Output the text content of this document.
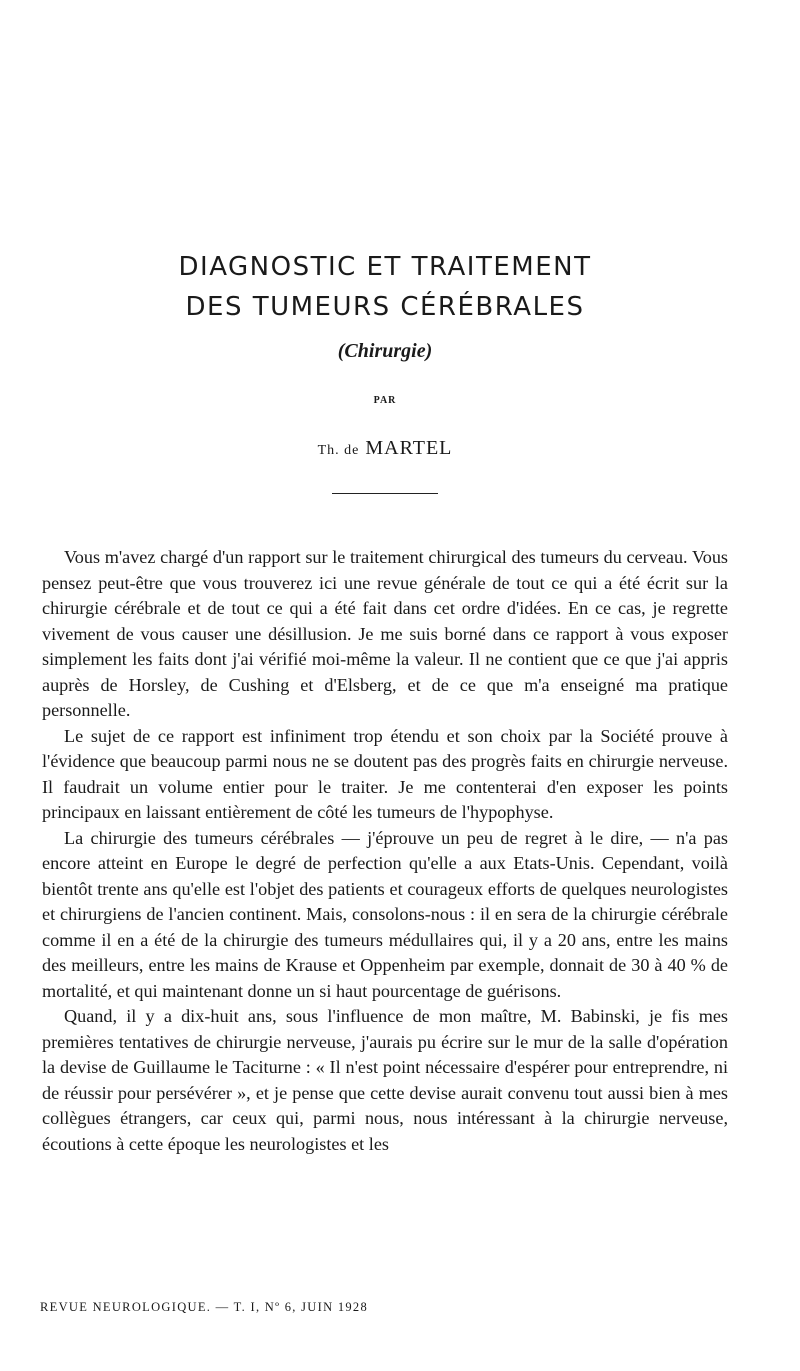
DIAGNOSTIC ET TRAITEMENT
DES TUMEURS CÉRÉBRALES
(Chirurgie)
PAR
Th. de MARTEL

Vous m'avez chargé d'un rapport sur le traitement chirurgical des tumeurs du cerveau. Vous pensez peut-être que vous trouverez ici une revue générale de tout ce qui a été écrit sur la chirurgie cérébrale et de tout ce qui a été fait dans cet ordre d'idées. En ce cas, je regrette vivement de vous causer une désillusion. Je me suis borné dans ce rapport à vous exposer simplement les faits dont j'ai vérifié moi-même la valeur. Il ne contient que ce que j'ai appris auprès de Horsley, de Cushing et d'Elsberg, et de ce que m'a enseigné ma pratique personnelle.

Le sujet de ce rapport est infiniment trop étendu et son choix par la Société prouve à l'évidence que beaucoup parmi nous ne se doutent pas des progrès faits en chirurgie nerveuse. Il faudrait un volume entier pour le traiter. Je me contenterai d'en exposer les points principaux en laissant entièrement de côté les tumeurs de l'hypophyse.

La chirurgie des tumeurs cérébrales — j'éprouve un peu de regret à le dire, — n'a pas encore atteint en Europe le degré de perfection qu'elle a aux Etats-Unis. Cependant, voilà bientôt trente ans qu'elle est l'objet des patients et courageux efforts de quelques neurologistes et chirurgiens de l'ancien continent. Mais, consolons-nous : il en sera de la chirurgie cérébrale comme il en a été de la chirurgie des tumeurs médullaires qui, il y a 20 ans, entre les mains des meilleurs, entre les mains de Krause et Oppenheim par exemple, donnait de 30 à 40 % de mortalité, et qui maintenant donne un si haut pourcentage de guérisons.

Quand, il y a dix-huit ans, sous l'influence de mon maître, M. Babinski, je fis mes premières tentatives de chirurgie nerveuse, j'aurais pu écrire sur le mur de la salle d'opération la devise de Guillaume le Taciturne : « Il n'est point nécessaire d'espérer pour entreprendre, ni de réussir pour persévérer », et je pense que cette devise aurait convenu tout aussi bien à mes collègues étrangers, car ceux qui, parmi nous, nous intéressant à la chirurgie nerveuse, écoutions à cette époque les neurologistes et les

REVUE NEUROLOGIQUE. — T. I, Nº 6, JUIN 1928
